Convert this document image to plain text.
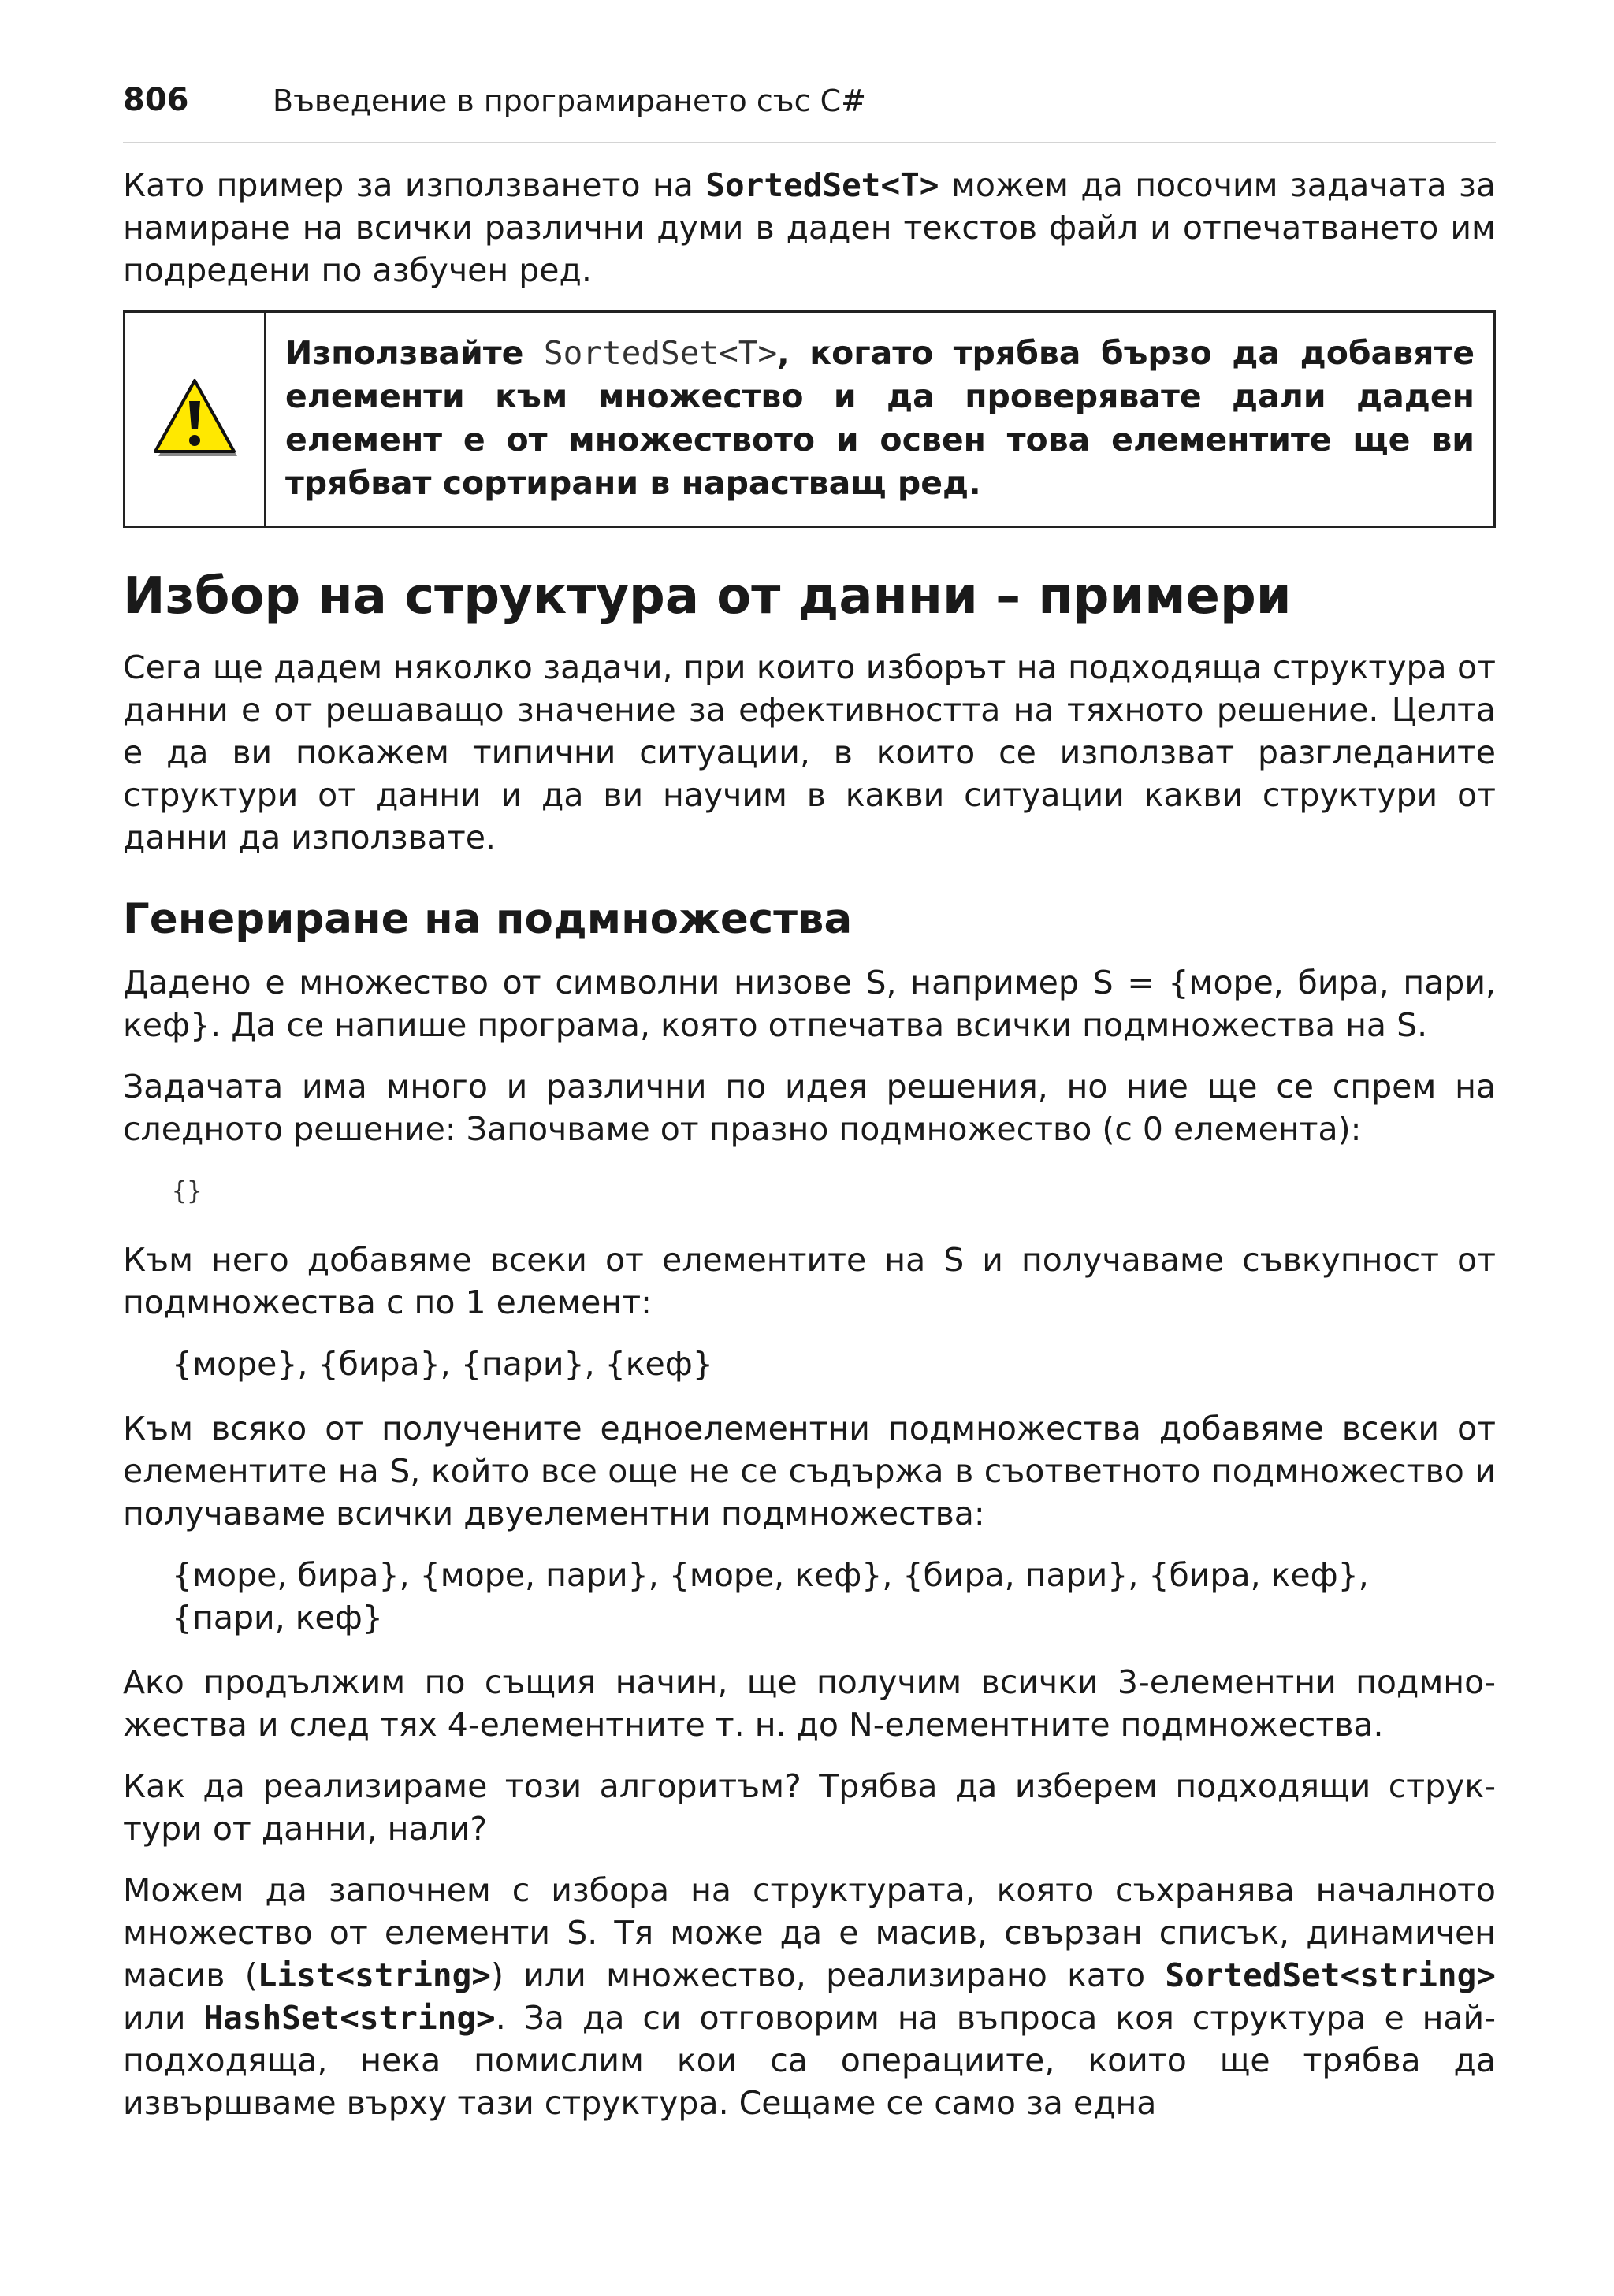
806	Въведение в програмирането със C#

Като пример за използването на SortedSet<T> можем да посочим задачата за намиране на всички различни думи в даден текстов файл и отпечатването им подредени по азбучен ред.

Използвайте SortedSet<T>, когато трябва бързо да добавяте елементи към множество и да проверявате дали даден елемент е от множеството и освен това елементите ще ви трябват сортирани в нарастващ ред.
Избор на структура от данни – примери

Сега ще дадем няколко задачи, при които изборът на подходяща структура от данни е от решаващо значение за ефективността на тяхното решение. Целта е да ви покажем типични ситуации, в които се използват разгледаните структури от данни и да ви научим в какви ситуации какви структури от данни да използвате.

Генериране на подмножества

Дадено е множество от символни низове S, например S = {море, бира, пари, кеф}. Да се напише програма, която отпечатва всички подмножества на S.

Задачата има много и различни по идея решения, но ние ще се спрем на следното решение: Започваме от празно подмножество (с 0 елемента):

{}

Към него добавяме всеки от елементите на S и получаваме съвкупност от подмножества с по 1 елемент:

{море}, {бира}, {пари}, {кеф}

Към всяко от получените едноелементни подмножества добавяме всеки от елементите на S, който все още не се съдържа в съответното подмножество и получаваме всички двуелементни подмножества:

{море, бира}, {море, пари}, {море, кеф}, {бира, пари}, {бира, кеф},
{пари, кеф}

Ако продължим по същия начин, ще получим всички 3-елементни подмножества и след тях 4-елементните т. н. до N-елементните подмножества.

Как да реализираме този алгоритъм? Трябва да изберем подходящи структури от данни, нали?

Можем да започнем с избора на структурата, която съхранява началното множество от елементи S. Тя може да е масив, свързан списък, динамичен масив (List<string>) или множество, реализирано като SortedSet<string> или HashSet<string>. За да си отговорим на въпроса коя структура е най-подходяща, нека помислим кои са операциите, които ще трябва да извършваме върху тази структура. Сещаме се само за една
